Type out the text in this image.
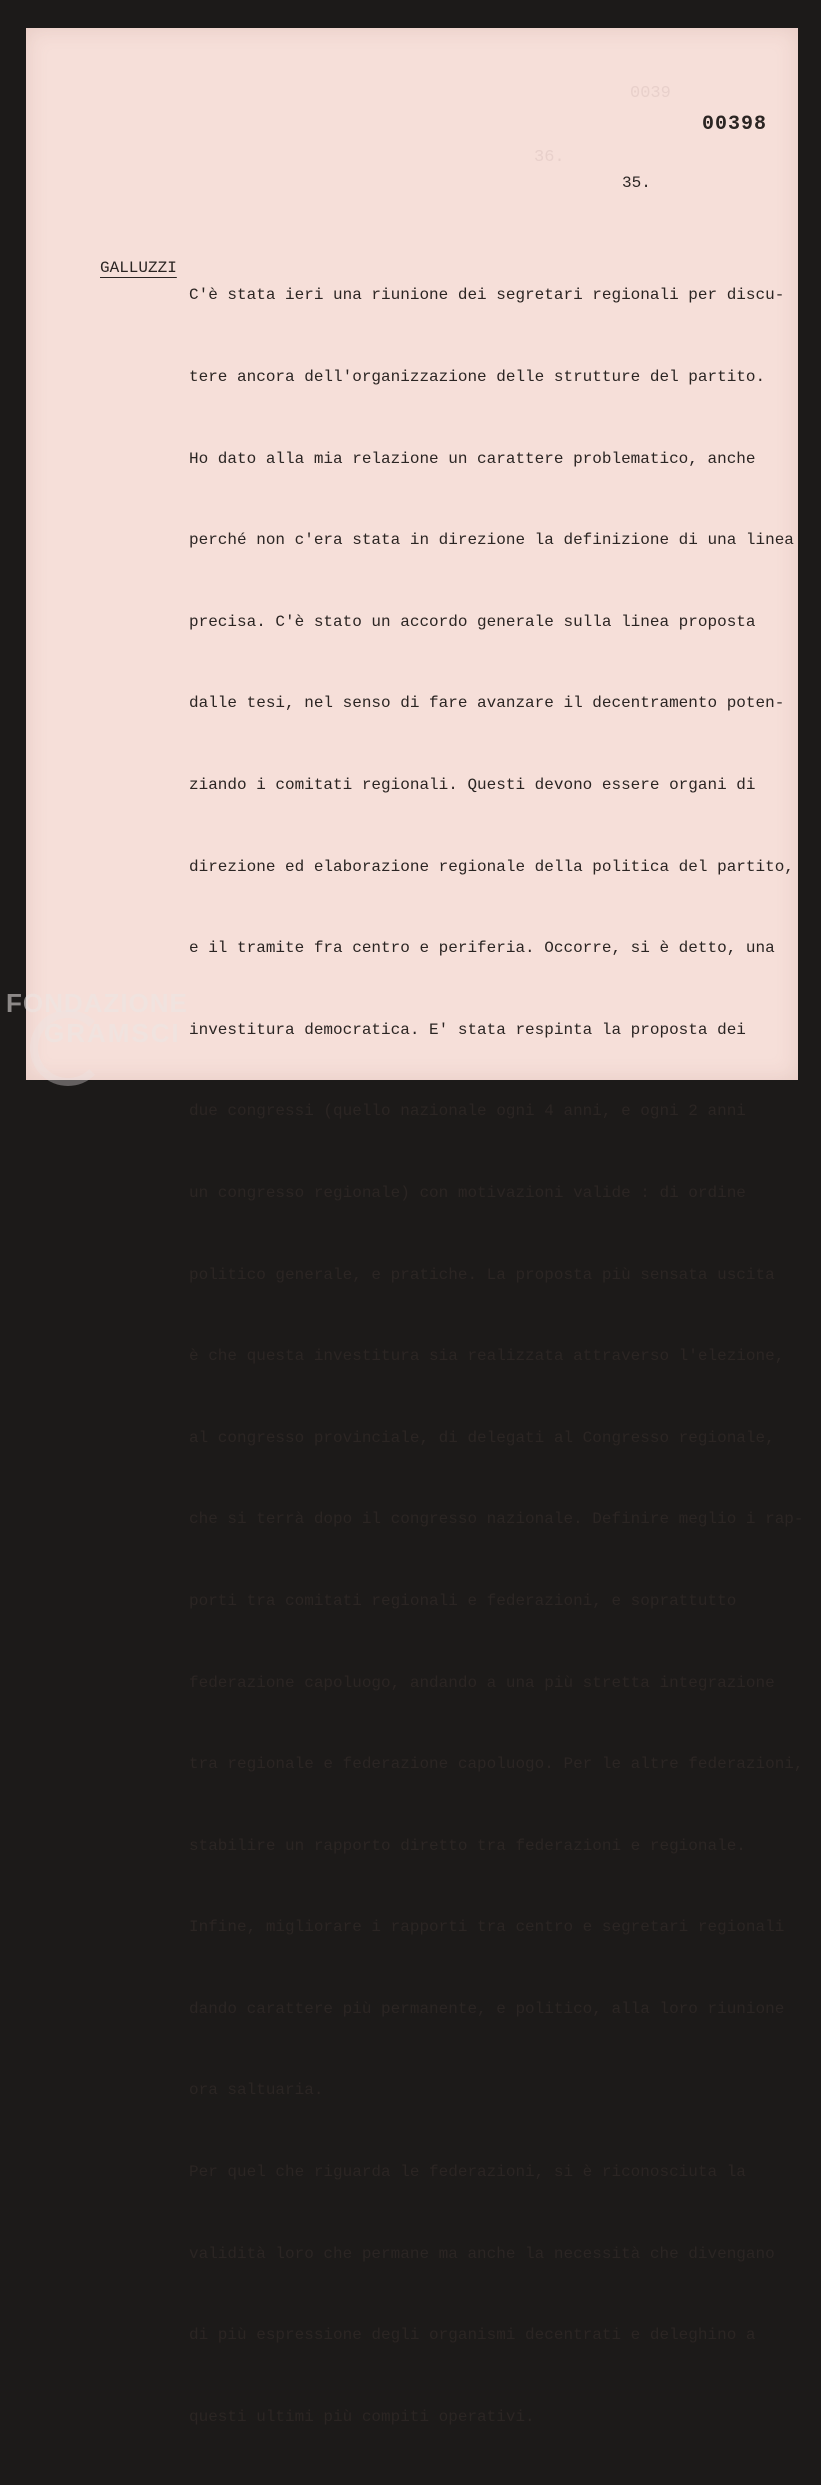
0039
36.
00398
35.
GALLUZZI

C'è stata ieri una riunione dei segretari regionali per discu-

tere ancora dell'organizzazione delle strutture del partito.

Ho dato alla mia relazione un carattere problematico, anche

perché non c'era stata in direzione la definizione di una linea

precisa. C'è stato un accordo generale sulla linea proposta

dalle tesi, nel senso di fare avanzare il decentramento poten-

ziando i comitati regionali. Questi devono essere organi di

direzione ed elaborazione regionale della politica del partito,

e il tramite fra centro e periferia. Occorre, si è detto, una

investitura democratica. E' stata respinta la proposta dei

due congressi (quello nazionale ogni 4 anni, e ogni 2 anni

un congresso regionale) con motivazioni valide : di ordine

politico generale, e pratiche. La proposta più sensata uscita

è che questa investitura sia realizzata attraverso l'elezione,

al congresso provinciale, di delegati al Congresso regionale,

che si terrà dopo il congresso nazionale. Definire meglio i rap-

porti tra comitati regionali e federazioni, e soprattutto

federazione capoluogo, andando a una più stretta integrazione

tra regionale e federazione capoluogo. Per le altre federazioni,

stabilire un rapporto diretto tra federazioni e regionale.

Infine, migliorare i rapporti tra centro e segretari regionali

dando carattere più permanente, e politico, alla loro riunione

ora saltuaria.

Per quel che riguarda le federazioni, si è riconosciuta la

validità loro che permane ma anche la necessità che divengano

di più espressione degli organismi decentrati e deleghino a

questi ultimi più compiti operativi.

FONDAZIONE
GRAMSCI
